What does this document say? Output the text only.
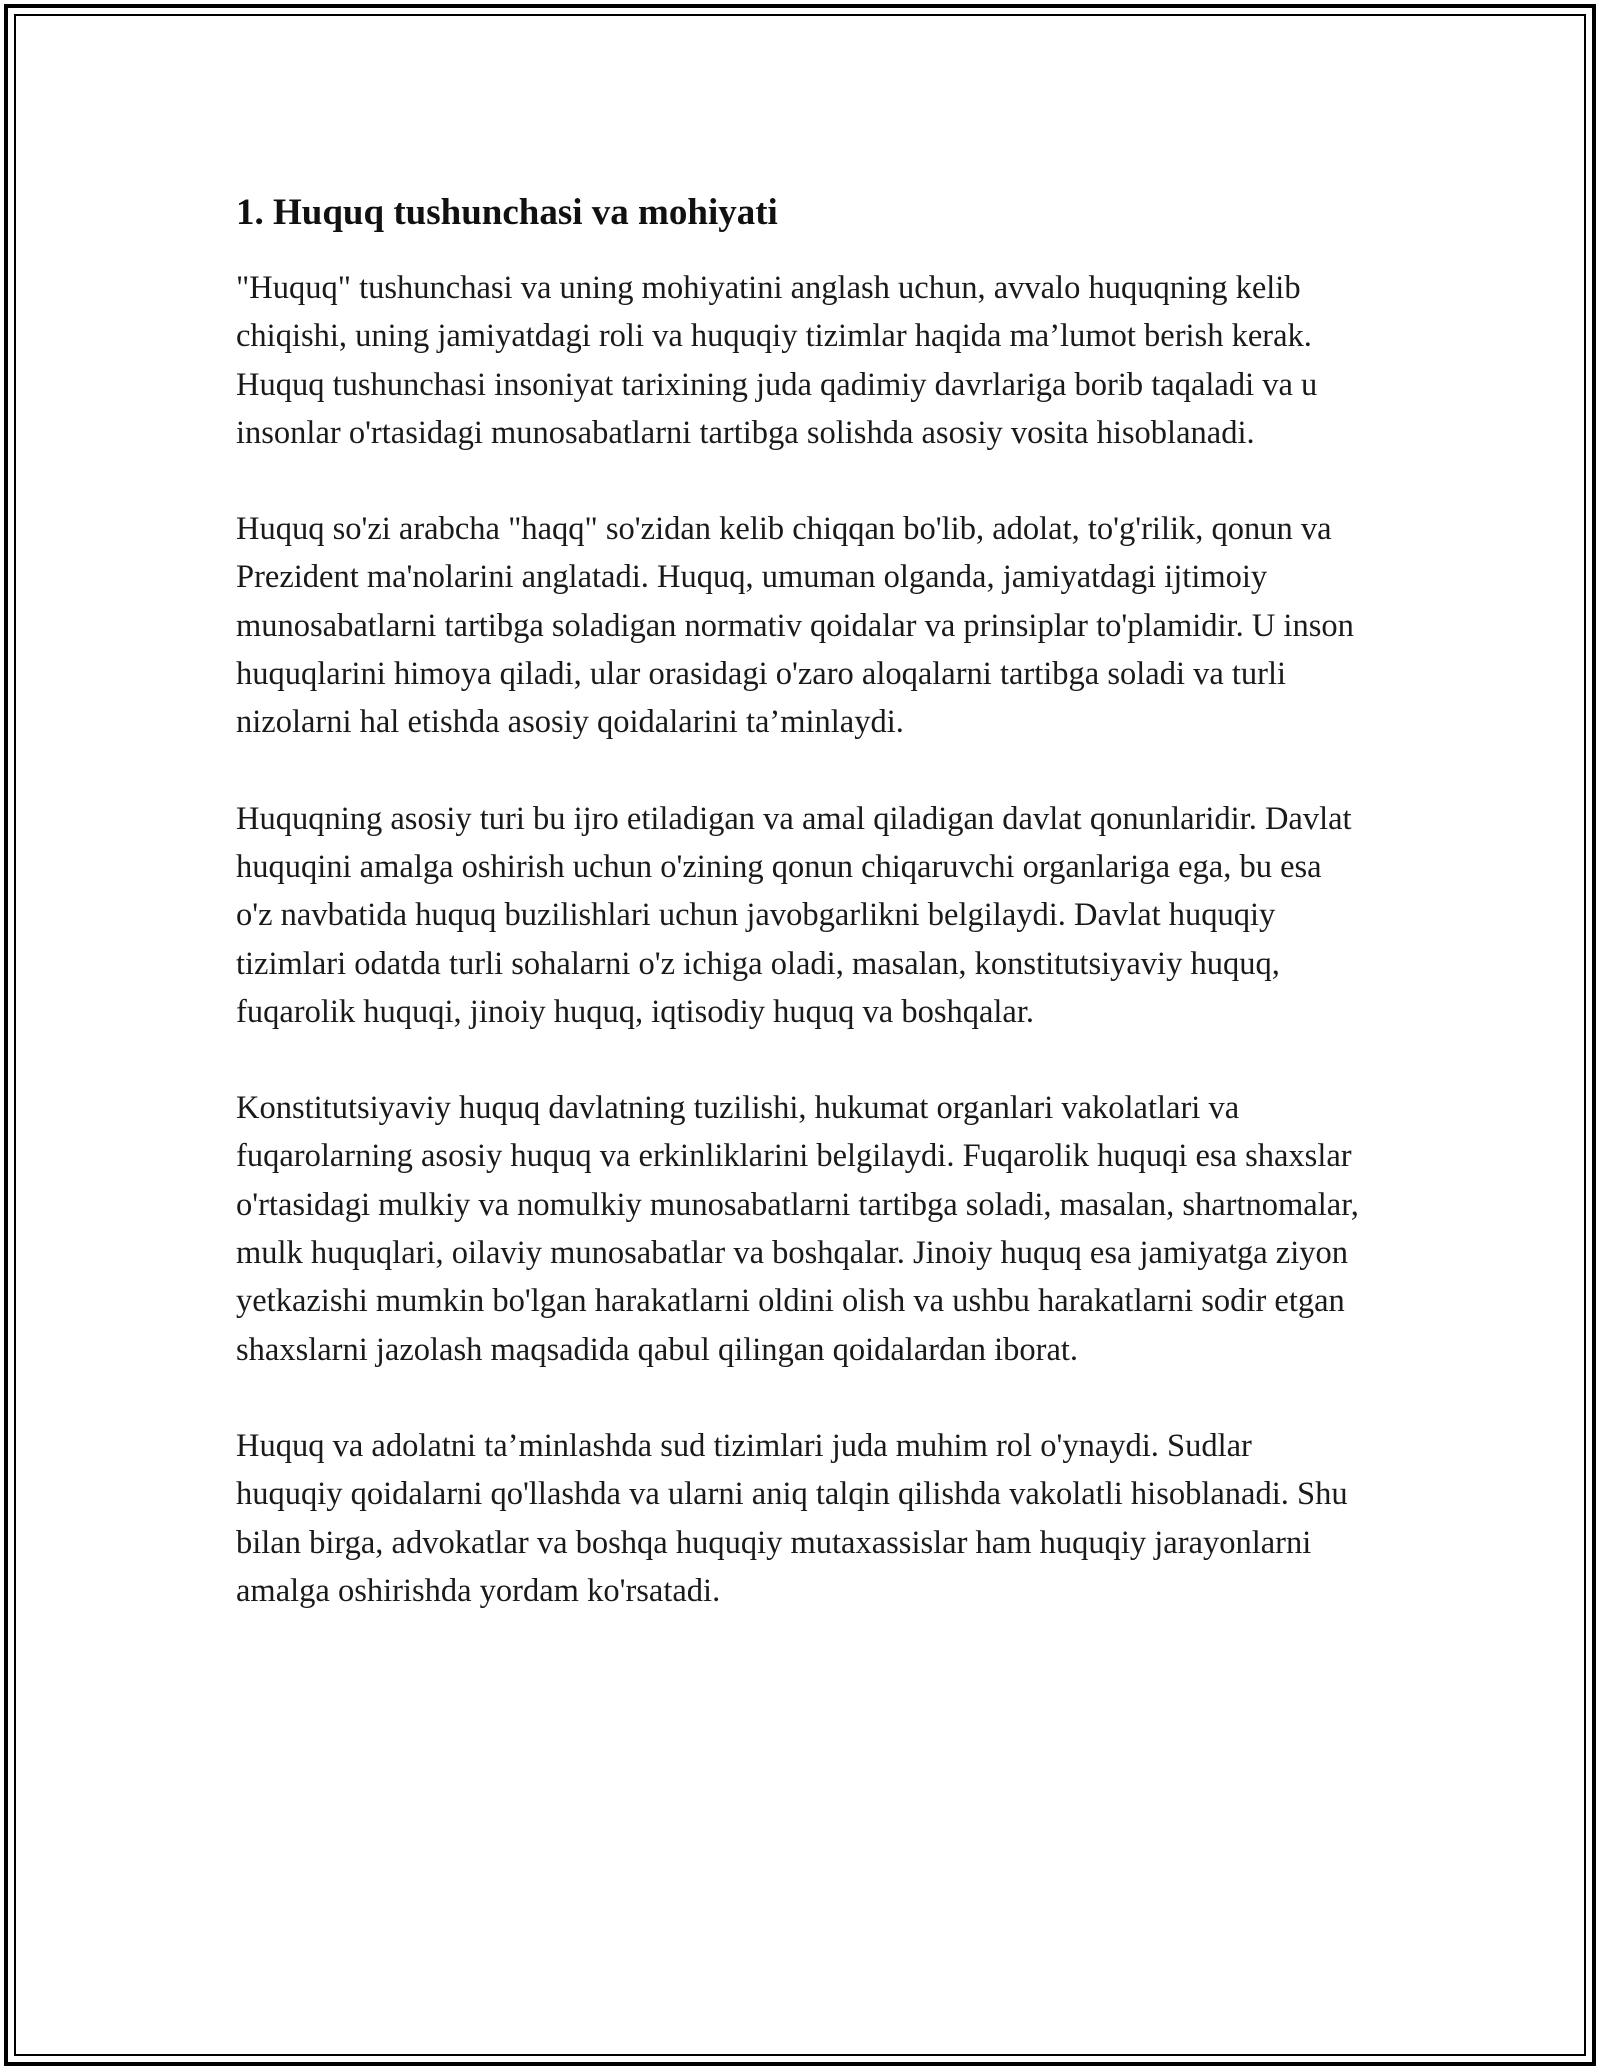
1. Huquq tushunchasi va mohiyati

"Huquq" tushunchasi va uning mohiyatini anglash uchun, avvalo huquqning kelib chiqishi, uning jamiyatdagi roli va huquqiy tizimlar haqida ma’lumot berish kerak. Huquq tushunchasi insoniyat tarixining juda qadimiy davrlariga borib taqaladi va u insonlar o'rtasidagi munosabatlarni tartibga solishda asosiy vosita hisoblanadi.

Huquq so'zi arabcha "haqq" so'zidan kelib chiqqan bo'lib, adolat, to'g'rilik, qonun va Prezident ma'nolarini anglatadi. Huquq, umuman olganda, jamiyatdagi ijtimoiy munosabatlarni tartibga soladigan normativ qoidalar va prinsiplar to'plamidir. U inson huquqlarini himoya qiladi, ular orasidagi o'zaro aloqalarni tartibga soladi va turli nizolarni hal etishda asosiy qoidalarini ta’minlaydi.

Huquqning asosiy turi bu ijro etiladigan va amal qiladigan davlat qonunlaridir. Davlat huquqini amalga oshirish uchun o'zining qonun chiqaruvchi organlariga ega, bu esa o'z navbatida huquq buzilishlari uchun javobgarlikni belgilaydi. Davlat huquqiy tizimlari odatda turli sohalarni o'z ichiga oladi, masalan, konstitutsiyaviy huquq, fuqarolik huquqi, jinoiy huquq, iqtisodiy huquq va boshqalar.

Konstitutsiyaviy huquq davlatning tuzilishi, hukumat organlari vakolatlari va fuqarolarning asosiy huquq va erkinliklarini belgilaydi. Fuqarolik huquqi esa shaxslar o'rtasidagi mulkiy va nomulkiy munosabatlarni tartibga soladi, masalan, shartnomalar, mulk huquqlari, oilaviy munosabatlar va boshqalar. Jinoiy huquq esa jamiyatga ziyon yetkazishi mumkin bo'lgan harakatlarni oldini olish va ushbu harakatlarni sodir etgan shaxslarni jazolash maqsadida qabul qilingan qoidalardan iborat.

Huquq va adolatni ta’minlashda sud tizimlari juda muhim rol o'ynaydi. Sudlar huquqiy qoidalarni qo'llashda va ularni aniq talqin qilishda vakolatli hisoblanadi. Shu bilan birga, advokatlar va boshqa huquqiy mutaxassislar ham huquqiy jarayonlarni amalga oshirishda yordam ko'rsatadi.
